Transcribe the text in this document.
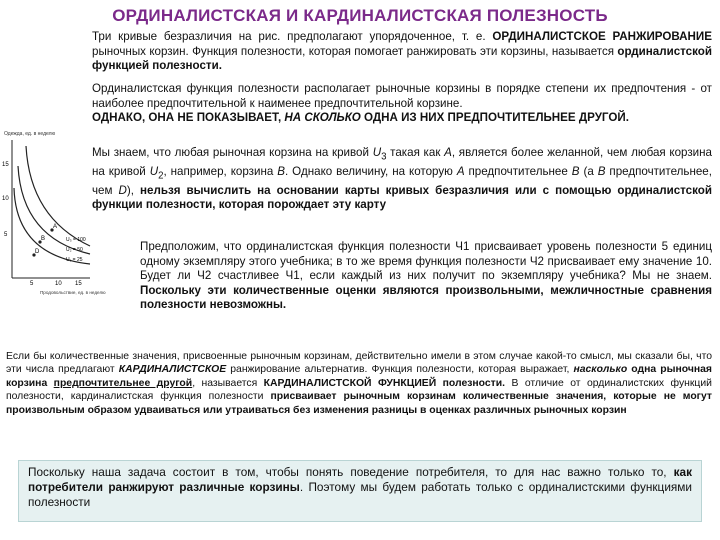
ОРДИНАЛИСТСКАЯ И КАРДИНАЛИСТСКАЯ ПОЛЕЗНОСТЬ

Три кривые безразличия на рис. предполагают упорядоченное, т. е. ОРДИНАЛИСТСКОЕ РАНЖИРОВАНИЕ рыночных корзин. Функция полезности, которая помогает ранжировать эти корзины, называется ординалистской функцией полезности.

Ординалистская функция полезности располагает рыночные корзины в порядке степени их предпочтения - от наиболее предпочтительной к наименее предпочтительной корзине.

ОДНАКО, ОНА НЕ ПОКАЗЫВАЕТ, НА СКОЛЬКО ОДНА ИЗ НИХ ПРЕДПОЧТИТЕЛЬНЕЕ ДРУГОЙ.

Мы знаем, что любая рыночная корзина на кривой $U_3$ такая как А, является более желанной, чем любая корзина на кривой $U_2$, например, корзина В. Однако величину, на которую А предпочтительнее В (а В предпочтительнее, чем D), нельзя вычислить на основании карты кривых безразличия или с помощью ординалистской функции полезности, которая порождает эту карту

Одежда, ед. в неделю
15
10
5
5	10 15
A
B
D
U₃ = 100
U₂ = 50
U₁ = 25
Продовольствие, ед. в неделю

Предположим, что ординалистская функция полезности Ч1 присваивает уровень полезности 5 единиц одному экземпляру этого учебника; в то же время функция полезности Ч2 присваивает ему значение 10. Будет ли Ч2 счастливее Ч1, если каждый из них получит по экземпляру учебника? Мы не знаем. Поскольку эти количественные оценки являются произвольными, межличностные сравнения полезности невозможны.

Если бы количественные значения, присвоенные рыночным корзинам, действительно имели в этом случае какой-то смысл, мы сказали бы, что эти числа предлагают КАРДИНАЛИСТСКОЕ ранжирование альтернатив. Функция полезности, которая выражает, насколько одна рыночная корзина предпочтительнее другой, называется КАРДИНАЛИСТСКОЙ ФУНКЦИЕЙ полезности. В отличие от ординалистских функций полезности, кардиналистская функция полезности присваивает рыночным корзинам количественные значения, которые не могут произвольным образом удваиваться или утраиваться без изменения разницы в оценках различных рыночных корзин

Поскольку наша задача состоит в том, чтобы понять поведение потребителя, то для нас важно только то, как потребители ранжируют различные корзины. Поэтому мы будем работать только с ординалистскими функциями полезности
